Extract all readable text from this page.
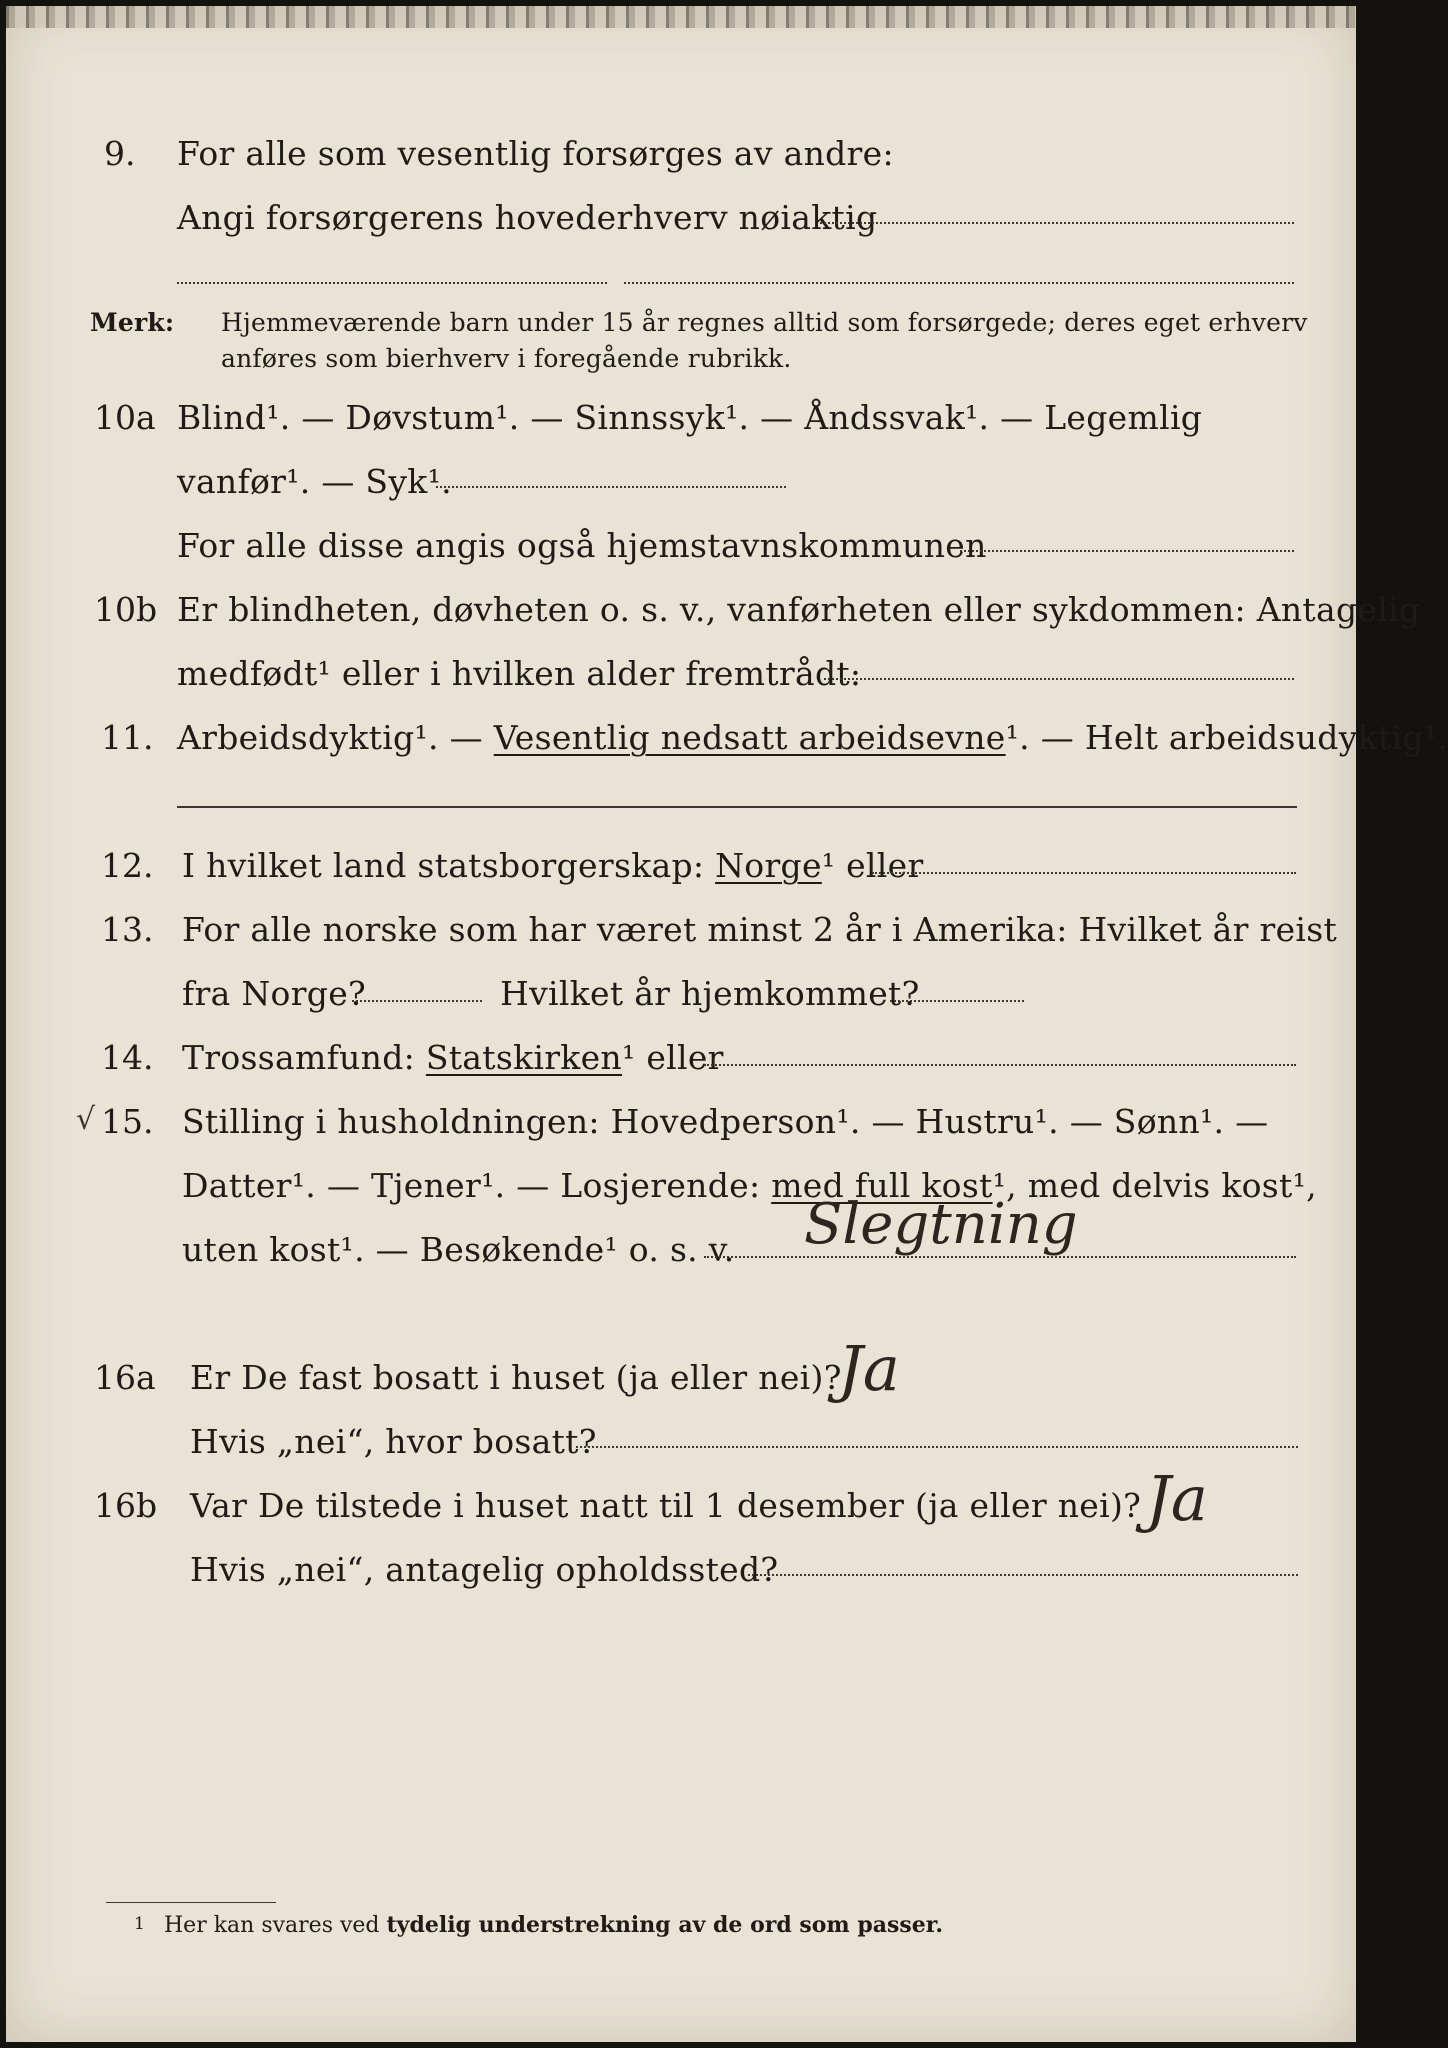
9. For alle som vesentlig forsørges av andre:
Angi forsørgerens hovederhverv nøiaktig
Merk: Hjemmeværende barn under 15 år regnes alltid som forsørgede; deres eget erhverv
anføres som bierhverv i foregående rubrikk.
10a Blind¹. — Døvstum¹. — Sinnssyk¹. — Åndssvak¹. — Legemlig
vanfør¹. — Syk¹.
For alle disse angis også hjemstavnskommunen
10b Er blindheten, døvheten o. s. v., vanførheten eller sykdommen: Antagelig
medfødt¹ eller i hvilken alder fremtrådt:
11. Arbeidsdyktig¹. — Vesentlig nedsatt arbeidsevne¹. — Helt arbeidsudyktig¹.
12. I hvilket land statsborgerskap: Norge¹ eller
13. For alle norske som har været minst 2 år i Amerika: Hvilket år reist
fra Norge?	Hvilket år hjemkommet?
14. Trossamfund: Statskirken¹ eller
√ 15. Stilling i husholdningen: Hovedperson¹. — Hustru¹. — Sønn¹. —
Datter¹. — Tjener¹. — Losjerende: med full kost¹, med delvis kost¹,
uten kost¹. — Besøkende¹ o. s. v. Slegtning
16a Er De fast bosatt i huset (ja eller nei)?
Ja
Hvis „nei“, hvor bosatt?
16b Var De tilstede i huset natt til 1 desember (ja eller nei)? Ja
Hvis „nei“, antagelig opholdssted?
1 Her kan svares ved tydelig understrekning av de ord som passer.
